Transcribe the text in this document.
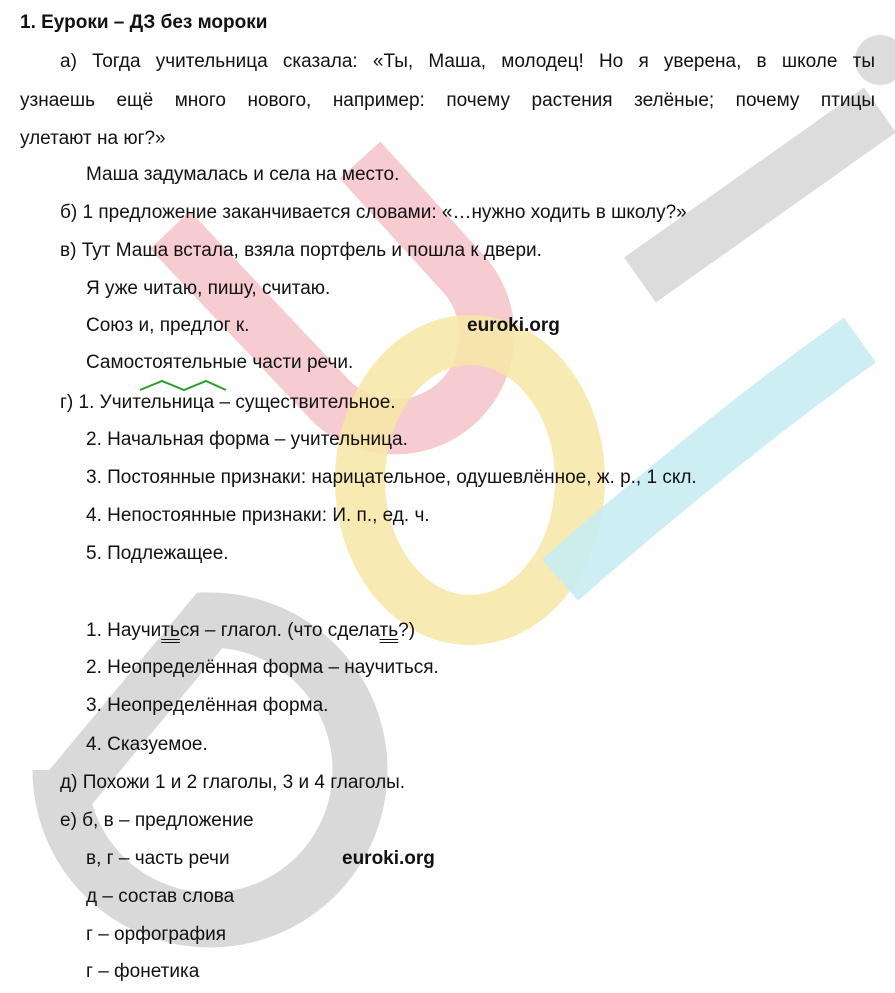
1. Еуроки – ДЗ без мороки
а) Тогда учительница сказала: «Ты, Маша, молодец! Но я уверена, в школе ты
узнаешь ещё много нового, например: почему растения зелёные; почему птицы
улетают на юг?»
Маша задумалась и села на место.
б) 1 предложение заканчивается словами: «…нужно ходить в школу?»
в) Тут Маша встала, взяла портфель и пошла к двери.
Я уже читаю, пишу, считаю.
Союз и, предлог к.	euroki.org
Самостоятельные части речи.
г) 1. Учительница – существительное.
2. Начальная форма – учительница.
3. Постоянные признаки: нарицательное, одушевлённое, ж. р., 1 скл.
4. Непостоянные признаки: И. п., ед. ч.
5. Подлежащее.
1. Научиться – глагол. (что сделать?)
2. Неопределённая форма – научиться.
3. Неопределённая форма.
4. Сказуемое.
д) Похожи 1 и 2 глаголы, 3 и 4 глаголы.
е) б, в – предложение
в, г – часть речи	euroki.org
д – состав слова
г – орфография
г – фонетика
